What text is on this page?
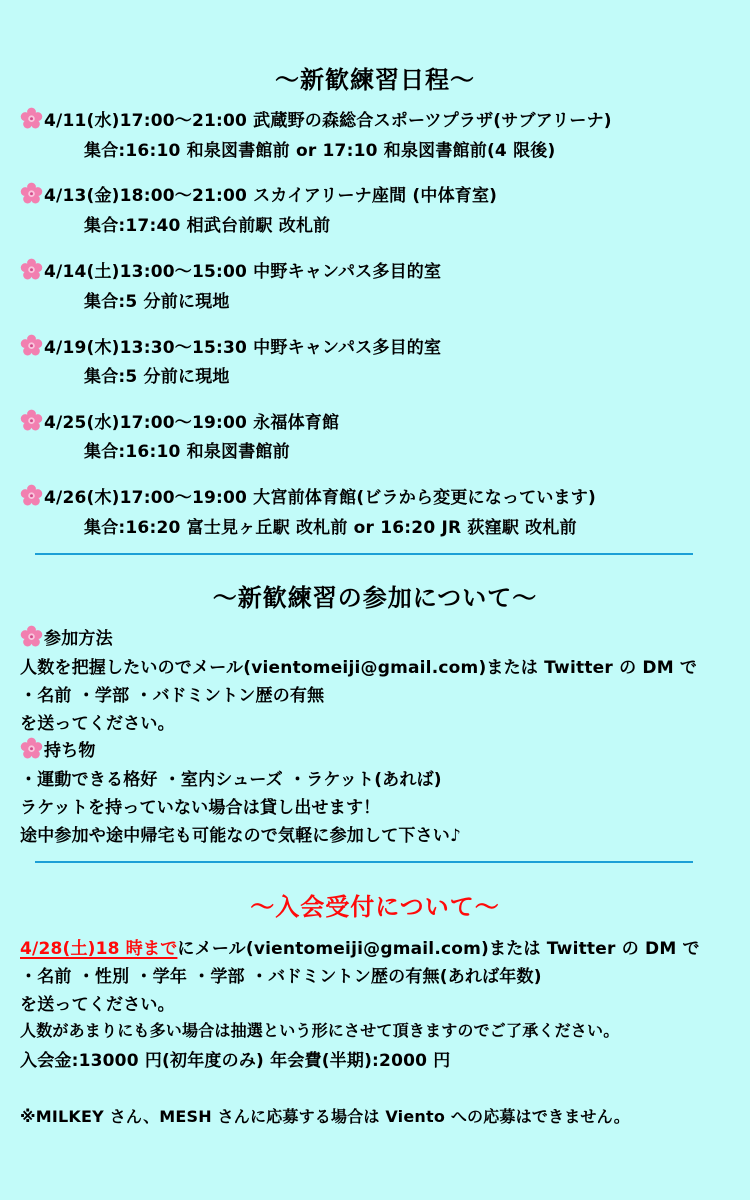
～新歓練習日程～
4/11(水)17:00～21:00 武蔵野の森総合スポーツプラザ(サブアリーナ)
集合:16:10 和泉図書館前 or 17:10 和泉図書館前(4 限後)
4/13(金)18:00～21:00 スカイアリーナ座間 (中体育室)
集合:17:40 相武台前駅 改札前
4/14(土)13:00～15:00 中野キャンパス多目的室
集合:5 分前に現地
4/19(木)13:30～15:30 中野キャンパス多目的室
集合:5 分前に現地
4/25(水)17:00～19:00 永福体育館
集合:16:10 和泉図書館前
4/26(木)17:00～19:00 大宮前体育館(ビラから変更になっています)
集合:16:20 富士見ヶ丘駅 改札前 or 16:20 JR 荻窪駅 改札前
～新歓練習の参加について～
参加方法
人数を把握したいのでメール(vientomeiji@gmail.com)または Twitter の DM で
・名前 ・学部 ・バドミントン歴の有無
を送ってください。
持ち物
・運動できる格好 ・室内シューズ ・ラケット(あれば)
ラケットを持っていない場合は貸し出せます！
途中参加や途中帰宅も可能なので気軽に参加して下さい♪
～入会受付について～
4/28(土)18 時までにメール(vientomeiji@gmail.com)または Twitter の DM で
・名前 ・性別 ・学年 ・学部 ・バドミントン歴の有無(あれば年数)
を送ってください。
人数があまりにも多い場合は抽選という形にさせて頂きますのでご了承ください。
入会金:13000 円(初年度のみ) 年会費(半期):2000 円
※MILKEY さん、MESH さんに応募する場合は Viento への応募はできません。
